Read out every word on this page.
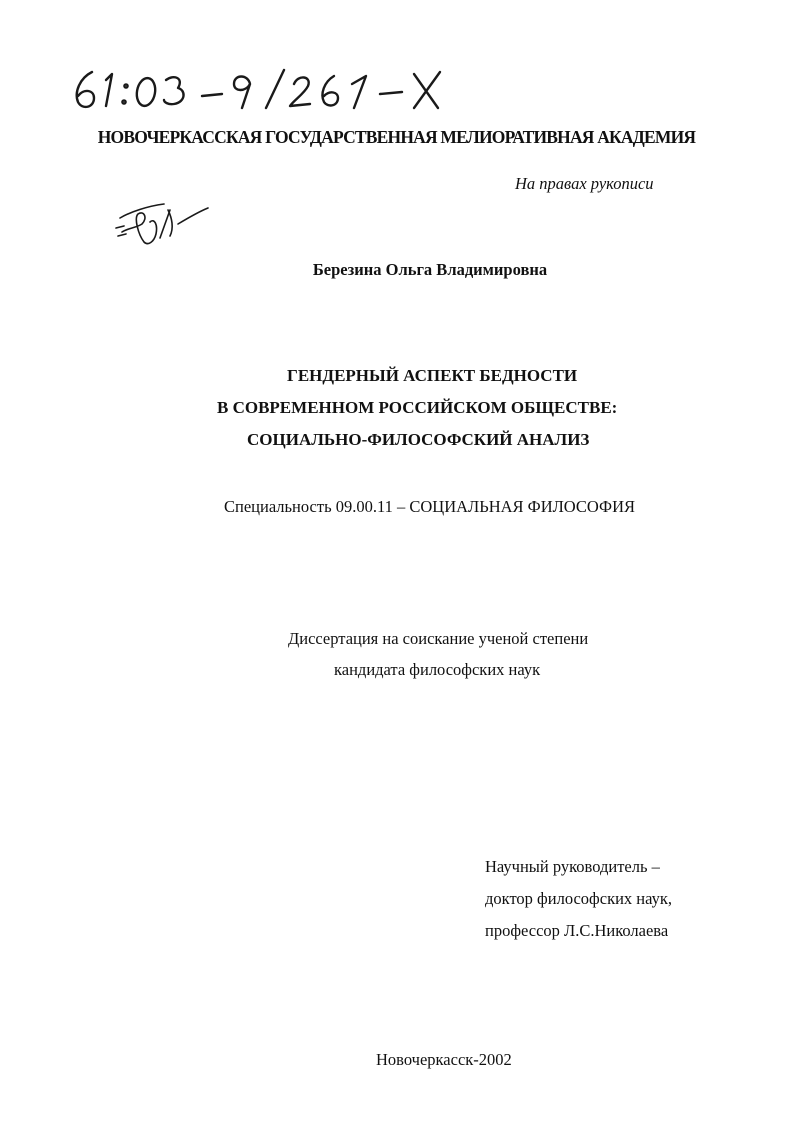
НОВОЧЕРКАССКАЯ ГОСУДАРСТВЕННАЯ МЕЛИОРАТИВНАЯ АКАДЕМИЯ
На правах рукописи
Березина Ольга Владимировна
ГЕНДЕРНЫЙ АСПЕКТ БЕДНОСТИ
В СОВРЕМЕННОМ РОССИЙСКОМ ОБЩЕСТВЕ:
СОЦИАЛЬНО-ФИЛОСОФСКИЙ АНАЛИЗ
Специальность 09.00.11 – СОЦИАЛЬНАЯ ФИЛОСОФИЯ
Диссертация на соискание ученой степени
кандидата философских наук
Научный руководитель –
доктор философских наук,
профессор Л.С.Николаева
Новочеркасск-2002
